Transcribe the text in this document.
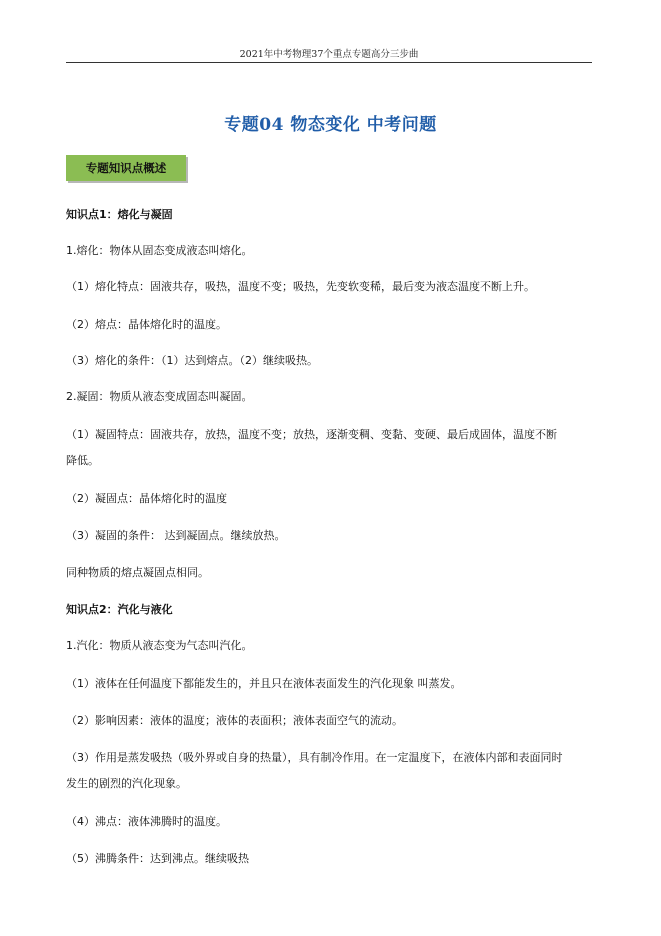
2021年中考物理37个重点专题高分三步曲
专题04 物态变化 中考问题
专题知识点概述
知识点1：熔化与凝固
1.熔化：物体从固态变成液态叫熔化。
（1）熔化特点：固液共存，吸热，温度不变；吸热，先变软变稀，最后变为液态温度不断上升。
（2）熔点：晶体熔化时的温度。
（3）熔化的条件：（1）达到熔点。（2）继续吸热。
2.凝固：物质从液态变成固态叫凝固。
（1）凝固特点：固液共存，放热，温度不变；放热，逐渐变稠、变黏、变硬、最后成固体，温度不断
降低。
（2）凝固点：晶体熔化时的温度
（3）凝固的条件： 达到凝固点。继续放热。
同种物质的熔点凝固点相同。
知识点2：汽化与液化
1.汽化：物质从液态变为气态叫汽化。
（1）液体在任何温度下都能发生的，并且只在液体表面发生的汽化现象 叫蒸发。
（2）影响因素：液体的温度；液体的表面积；液体表面空气的流动。
（3）作用是蒸发吸热（吸外界或自身的热量），具有制冷作用。在一定温度下，在液体内部和表面同时
发生的剧烈的汽化现象。
（4）沸点：液体沸腾时的温度。
（5）沸腾条件：达到沸点。继续吸热
